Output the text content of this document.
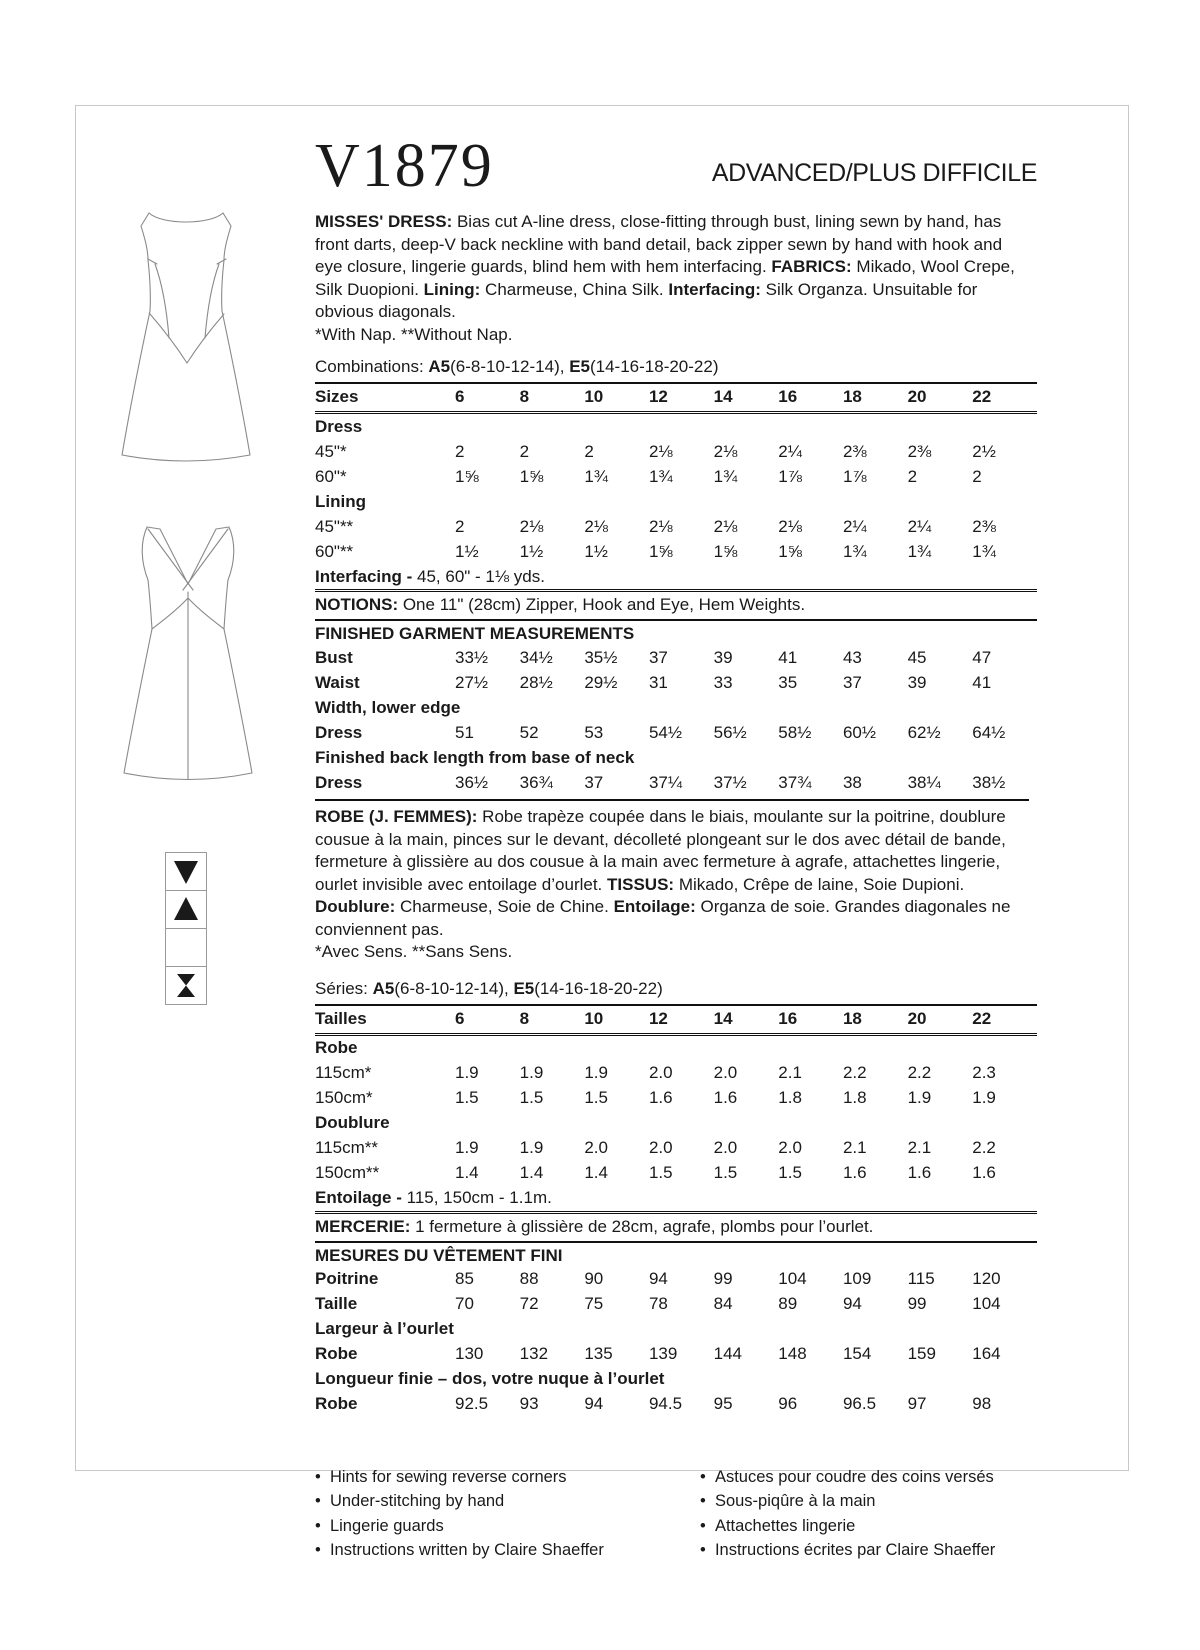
V1879	ADVANCED/PLUS DIFFICILE

MISSES' DRESS: Bias cut A-line dress, close-fitting through bust, lining sewn by hand, has front darts, deep-V back neckline with band detail, back zipper sewn by hand with hook and eye closure, lingerie guards, blind hem with hem interfacing. FABRICS: Mikado, Wool Crepe, Silk Duopioni. Lining: Charmeuse, China Silk. Interfacing: Silk Organza. Unsuitable for obvious diagonals.
*With Nap. **Without Nap.

Combinations: A5(6-8-10-12-14), E5(14-16-18-20-22)
Sizes	6	8	10	12	14	16	18	20	22
Dress									
45"*	2	2	2	2⅛	2⅛	2¼	2⅜	2⅜	2½
60"*	1⅝	1⅝	1¾	1¾	1¾	1⅞	1⅞	2	2
Lining									
45"**	2	2⅛	2⅛	2⅛	2⅛	2⅛	2¼	2¼	2⅜
60"**	1½	1½	1½	1⅝	1⅝	1⅝	1¾	1¾	1¾
Interfacing - 45, 60" - 1⅛ yds.									
NOTIONS: One 11" (28cm) Zipper, Hook and Eye, Hem Weights.
FINISHED GARMENT MEASUREMENTS
Bust	33½	34½	35½	37	39	41	43	45	47
Waist	27½	28½	29½	31	33	35	37	39	41
Width, lower edge									
Dress	51	52	53	54½	56½	58½	60½	62½	64½
Finished back length from base of neck									
Dress	36½	36¾	37	37¼	37½	37¾	38	38¼	38½

ROBE (J. FEMMES): Robe trapèze coupée dans le biais, moulante sur la poitrine, doublure cousue à la main, pinces sur le devant, décolleté plongeant sur le dos avec détail de bande, fermeture à glissière au dos cousue à la main avec fermeture à agrafe, attachettes lingerie, ourlet invisible avec entoilage d’ourlet. TISSUS: Mikado, Crêpe de laine, Soie Dupioni. Doublure: Charmeuse, Soie de Chine. Entoilage: Organza de soie. Grandes diagonales ne conviennent pas.
*Avec Sens. **Sans Sens.

Séries: A5(6-8-10-12-14), E5(14-16-18-20-22)
Tailles	6	8	10	12	14	16	18	20	22
Robe									
115cm*	1.9	1.9	1.9	2.0	2.0	2.1	2.2	2.2	2.3
150cm*	1.5	1.5	1.5	1.6	1.6	1.8	1.8	1.9	1.9
Doublure									
115cm**	1.9	1.9	2.0	2.0	2.0	2.0	2.1	2.1	2.2
150cm**	1.4	1.4	1.4	1.5	1.5	1.5	1.6	1.6	1.6
Entoilage - 115, 150cm - 1.1m.									
MERCERIE: 1 fermeture à glissière de 28cm, agrafe, plombs pour l’ourlet.
MESURES DU VÊTEMENT FINI
Poitrine	85	88	90	94	99	104	109	115	120
Taille	70	72	75	78	84	89	94	99	104
Largeur à l’ourlet									
Robe	130	132	135	139	144	148	154	159	164
Longueur finie – dos, votre nuque à l’ourlet									
Robe	92.5	93	94	94.5	95	96	96.5	97	98
•  Hints for sewing reverse corners
•  Under-stitching by hand
•  Lingerie guards
•  Instructions written by Claire Shaeffer
•  Astuces pour coudre des coins versés
•  Sous-piqûre à la main
•  Attachettes lingerie
•  Instructions écrites par Claire Shaeffer
